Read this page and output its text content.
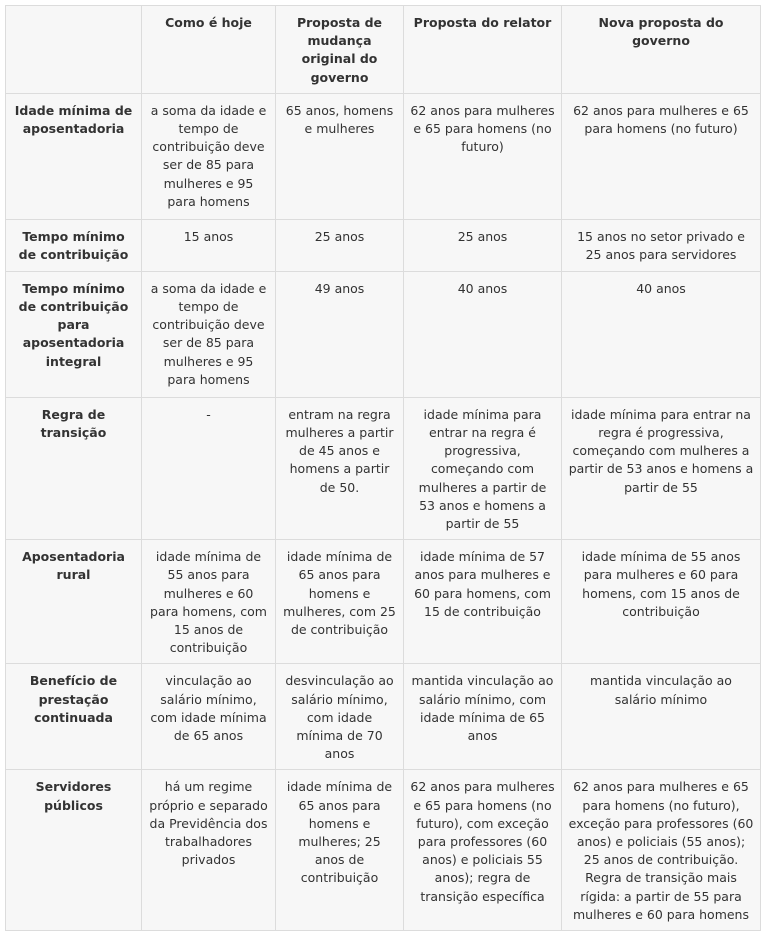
	Como é hoje	Proposta de mudança original do governo	Proposta do relator	Nova proposta do governo
Idade mínima de aposentadoria	a soma da idade e tempo de contribuição deve ser de 85 para mulheres e 95 para homens	65 anos, homens e mulheres	62 anos para mulheres e 65 para homens (no futuro)	62 anos para mulheres e 65 para homens (no futuro)
Tempo mínimo de contribuição	15 anos	25 anos	25 anos	15 anos no setor privado e 25 anos para servidores
Tempo mínimo de contribuição para aposentadoria integral	a soma da idade e tempo de contribuição deve ser de 85 para mulheres e 95 para homens	49 anos	40 anos	40 anos
Regra de transição	-	entram na regra mulheres a partir de 45 anos e homens a partir de 50.	idade mínima para entrar na regra é progressiva, começando com mulheres a partir de 53 anos e homens a partir de 55	idade mínima para entrar na regra é progressiva, começando com mulheres a partir de 53 anos e homens a partir de 55
Aposentadoria rural	idade mínima de 55 anos para mulheres e 60 para homens, com 15 anos de contribuição	idade mínima de 65 anos para homens e mulheres, com 25 de contribuição	idade mínima de 57 anos para mulheres e 60 para homens, com 15 de contribuição	idade mínima de 55 anos para mulheres e 60 para homens, com 15 anos de contribuição
Benefício de prestação continuada	vinculação ao salário mínimo, com idade mínima de 65 anos	desvinculação ao salário mínimo, com idade mínima de 70 anos	mantida vinculação ao salário mínimo, com idade mínima de 65 anos	mantida vinculação ao salário mínimo
Servidores públicos	há um regime próprio e separado da Previdência dos trabalhadores privados	idade mínima de 65 anos para homens e mulheres; 25 anos de contribuição	62 anos para mulheres e 65 para homens (no futuro), com exceção para professores (60 anos) e policiais 55 anos); regra de transição específica	62 anos para mulheres e 65 para homens (no futuro), exceção para professores (60 anos) e policiais (55 anos); 25 anos de contribuição. Regra de transição mais rígida: a partir de 55 para mulheres e 60 para homens
